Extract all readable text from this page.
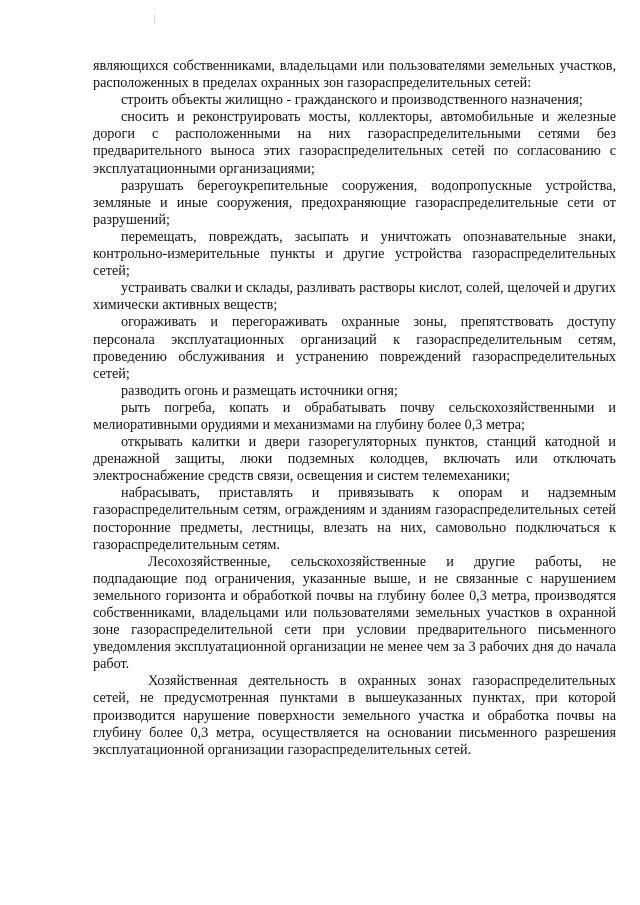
являющихся собственниками, владельцами или пользователями земельных участков, расположенных в пределах охранных зон газораспределительных сетей:

строить объекты жилищно - гражданского и производственного назначения;

сносить и реконструировать мосты, коллекторы, автомобильные и железные дороги с расположенными на них газораспределительными сетями без предварительного выноса этих газораспределительных сетей по согласованию с эксплуатационными организациями;

разрушать берегоукрепительные сооружения, водопропускные устройства, земляные и иные сооружения, предохраняющие газораспределительные сети от разрушений;

перемещать, повреждать, засыпать и уничтожать опознавательные знаки, контрольно-измерительные пункты и другие устройства газораспределительных сетей;

устраивать свалки и склады, разливать растворы кислот, солей, щелочей и других химически активных веществ;

огораживать и перегораживать охранные зоны, препятствовать доступу персонала эксплуатационных организаций к газораспределительным сетям, проведению обслуживания и устранению повреждений газораспределительных сетей;

разводить огонь и размещать источники огня;

рыть погреба, копать и обрабатывать почву сельскохозяйственными и мелиоративными орудиями и механизмами на глубину более 0,3 метра;

открывать калитки и двери газорегуляторных пунктов, станций катодной и дренажной защиты, люки подземных колодцев, включать или отключать электроснабжение средств связи, освещения и систем телемеханики;

набрасывать, приставлять и привязывать к опорам и надземным газораспределительным сетям, ограждениям и зданиям газораспределительных сетей посторонние предметы, лестницы, влезать на них, самовольно подключаться к газораспределительным сетям.

Лесохозяйственные, сельскохозяйственные и другие работы, не подпадающие под ограничения, указанные выше, и не связанные с нарушением земельного горизонта и обработкой почвы на глубину более 0,3 метра, производятся собственниками, владельцами или пользователями земельных участков в охранной зоне газораспределительной сети при условии предварительного письменного уведомления эксплуатационной организации не менее чем за 3 рабочих дня до начала работ.

Хозяйственная деятельность в охранных зонах газораспределительных сетей, не предусмотренная пунктами в вышеуказанных пунктах, при которой производится нарушение поверхности земельного участка и обработка почвы на глубину более 0,3 метра, осуществляется на основании письменного разрешения эксплуатационной организации газораспределительных сетей.
